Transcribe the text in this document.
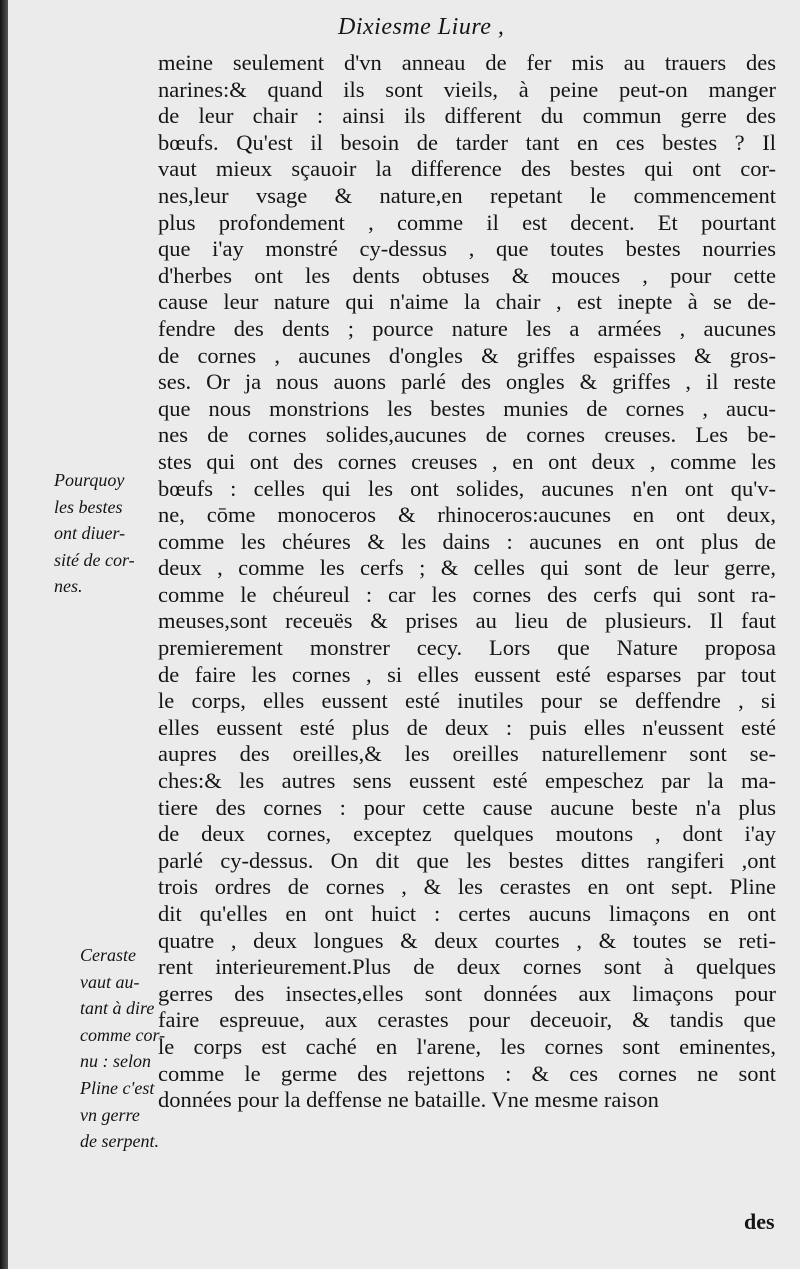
Dixiesme Liure ,
meine seulement d'vn anneau de fer mis au trauers des
narines:& quand ils sont vieils, à peine peut-on manger
de leur chair : ainsi ils different du commun gerre des
bœufs. Qu'est il besoin de tarder tant en ces bestes ? Il
vaut mieux sçauoir la difference des bestes qui ont cor-
nes,leur vsage & nature,en repetant le commencement
plus profondement , comme il est decent. Et pourtant
que i'ay monstré cy-dessus , que toutes bestes nourries
d'herbes ont les dents obtuses & mouces , pour cette
cause leur nature qui n'aime la chair , est inepte à se de-
fendre des dents ; pource nature les a armées , aucunes
de cornes , aucunes d'ongles & griffes espaisses & gros-
ses. Or ja nous auons parlé des ongles & griffes , il reste
que nous monstrions les bestes munies de cornes , aucu-
nes de cornes solides,aucunes de cornes creuses. Les be-
stes qui ont des cornes creuses , en ont deux , comme les
bœufs : celles qui les ont solides, aucunes n'en ont qu'v-
ne, cōme monoceros & rhinoceros:aucunes en ont deux,
comme les chéures & les dains : aucunes en ont plus de
deux , comme les cerfs ; & celles qui sont de leur gerre,
comme le chéureul : car les cornes des cerfs qui sont ra-
meuses,sont receuës & prises au lieu de plusieurs. Il faut
premierement monstrer cecy. Lors que Nature proposa
de faire les cornes , si elles eussent esté esparses par tout
le corps, elles eussent esté inutiles pour se deffendre , si
elles eussent esté plus de deux : puis elles n'eussent esté
aupres des oreilles,& les oreilles naturellemenr sont se-
ches:& les autres sens eussent esté empeschez par la ma-
tiere des cornes : pour cette cause aucune beste n'a plus
de deux cornes, exceptez quelques moutons , dont i'ay
parlé cy-dessus. On dit que les bestes dittes rangiferi ,ont
trois ordres de cornes , & les cerastes en ont sept. Pline
dit qu'elles en ont huict : certes aucuns limaçons en ont
quatre , deux longues & deux courtes , & toutes se reti-
rent interieurement.Plus de deux cornes sont à quelques
gerres des insectes,elles sont données aux limaçons pour
faire espreuue, aux cerastes pour deceuoir, & tandis que
le corps est caché en l'arene, les cornes sont eminentes,
comme le germe des rejettons : & ces cornes ne sont
données pour la deffense ne bataille. Vne mesme raison
Pourquoy
les bestes
ont diuer-
sité de cor-
nes.
Ceraste
vaut au-
tant à dire
comme cor-
nu : selon
Pline c'est
vn gerre
de serpent.
des
